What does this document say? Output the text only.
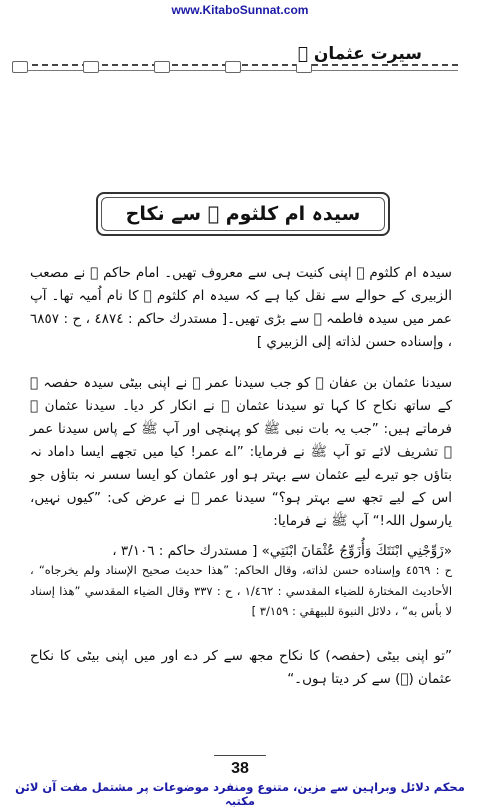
www.KitaboSunnat.com
سیرت عثمان ﷛
سیدہ ام کلثوم ﷝ سے نکاح
سیدہ ام کلثوم ﷝ اپنی کنیت ہی سے معروف تھیں۔ امام حاکم ﷫ نے مصعب الزبیری کے حوالے سے نقل کیا ہے کہ سیدہ ام کلثوم ﷝ کا نام اُمیہ تھا۔ آپ عمر میں سیدہ فاطمہ ﷝ سے بڑی تھیں۔[ مستدرك حاكم : ٤٨٧٤ ، ح : ٦٨٥٧ ، وإسناده حسن لذاته إلى الزبيري ]
سیدنا عثمان بن عفان ﷛ کو جب سیدنا عمر ﷛ نے اپنی بیٹی سیدہ حفصہ ﷝ کے ساتھ نکاح کا کہا تو سیدنا عثمان ﷛ نے انکار کر دیا۔ سیدنا عثمان ﷛ فرماتے ہیں: ”جب یہ بات نبی ﷺ کو پہنچی اور آپ ﷺ کے پاس سیدنا عمر ﷛ تشریف لائے تو آپ ﷺ نے فرمایا: ”اے عمر! کیا میں تجھے ایسا داماد نہ بتاؤں جو تیرے لیے عثمان سے بہتر ہو اور عثمان کو ایسا سسر نہ بتاؤں جو اس کے لیے تجھ سے بہتر ہو؟“ سیدنا عمر ﷛ نے عرض کی: ”کیوں نہیں، یارسول اللہ!“ آپ ﷺ نے فرمایا:
«زَوِّجْنِي ابْنَتَكَ وَأُزَوِّجُ عُثْمَانَ ابْنَتِي» [ مستدرك حاكم : ٣/١٠٦ ،
ح : ٤٥٦٩ وإسناده حسن لذاته، وقال الحاكم: ”هذا حديث صحيح الإسناد ولم يخرجاه“ ، الأحاديث المختارة للضياء المقدسي : ١/٤٦٢ ، ح : ٣٣٧ وقال الضياء المقدسي ”هذا إسناد لا بأس به“ ، دلائل النبوة للبيهقي : ٣/١٥٩ ]
”تو اپنی بیٹی (حفصہ) کا نکاح مجھ سے کر دے اور میں اپنی بیٹی کا نکاح عثمان (﷛) سے کر دیتا ہوں۔“
38
محکم دلائل وبراہین سے مزین، متنوع ومنفرد موضوعات پر مشتمل مفت آن لائن مکتبہ
